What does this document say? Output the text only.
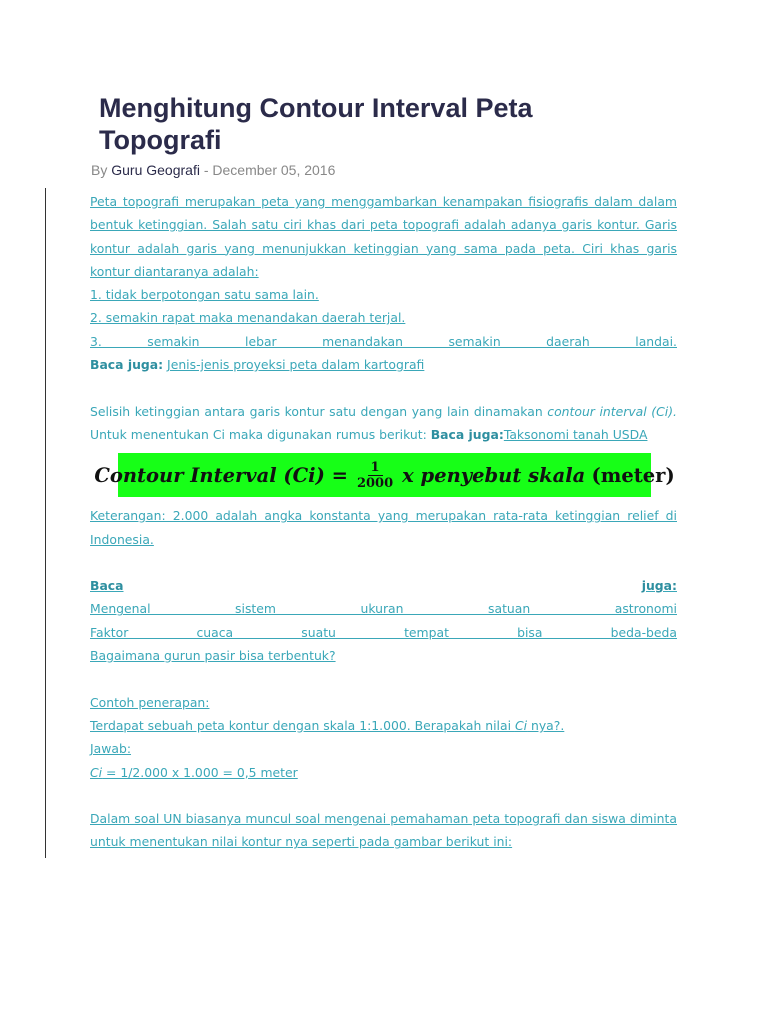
Menghitung Contour Interval Peta Topografi
By Guru Geografi - December 05, 2016

Peta topografi merupakan peta yang menggambarkan kenampakan fisiografis dalam dalam bentuk ketinggian. Salah satu ciri khas dari peta topografi adalah adanya garis kontur. Garis kontur adalah garis yang menunjukkan ketinggian yang sama pada peta. Ciri khas garis kontur diantaranya adalah:

1. tidak berpotongan satu sama lain.

2. semakin rapat maka menandakan daerah terjal.

3. semakin lebar menandakan semakin daerah landai.

Baca juga: Jenis-jenis proyeksi peta dalam kartografi

Selisih ketinggian antara garis kontur satu dengan yang lain dinamakan contour interval (Ci). Untuk menentukan Ci maka digunakan rumus berikut: Baca juga:Taksonomi tanah USDA

Contour Interval $(Ci) = \frac{1}{2000}$ x penyebut skala
(meter)

Keterangan: 2.000 adalah angka konstanta yang merupakan rata-rata ketinggian relief di Indonesia.

Baca	juga:

Mengenal sistem ukuran satuan astronomi

Faktor cuaca suatu tempat bisa beda-beda

Bagaimana gurun pasir bisa terbentuk?

Contoh penerapan:

Terdapat sebuah peta kontur dengan skala 1:1.000. Berapakah nilai Ci nya?.

Jawab:

Ci = 1/2.000 x 1.000 = 0,5 meter

Dalam soal UN biasanya muncul soal mengenai pemahaman peta topografi dan siswa diminta untuk menentukan nilai kontur nya seperti pada gambar berikut ini:
